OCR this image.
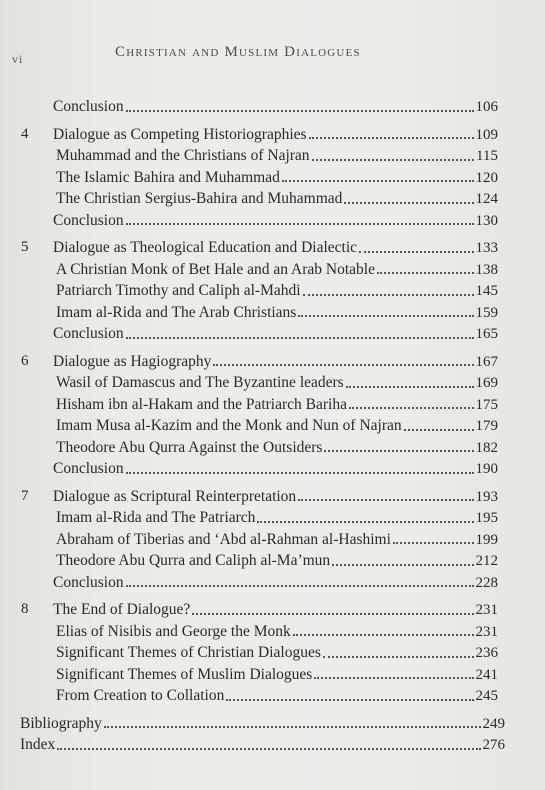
vi	Christian and Muslim Dialogues
Conclusion	106
4 Dialogue as Competing Historiographies	109
Muhammad and the Christians of Najran	115
The Islamic Bahira and Muhammad	120
The Christian Sergius-Bahira and Muhammad	124
Conclusion	130
5 Dialogue as Theological Education and Dialectic	133
A Christian Monk of Bet Hale and an Arab Notable	138
Patriarch Timothy and Caliph al-Mahdi	145
Imam al-Rida and The Arab Christians	159
Conclusion	165
6 Dialogue as Hagiography	167
Wasil of Damascus and The Byzantine leaders	169
Hisham ibn al-Hakam and the Patriarch Bariha	175
Imam Musa al-Kazim and the Monk and Nun of Najran	179
Theodore Abu Qurra Against the Outsiders	182
Conclusion	190
7 Dialogue as Scriptural Reinterpretation	193
Imam al-Rida and The Patriarch	195
Abraham of Tiberias and ‘Abd al-Rahman al-Hashimi	199
Theodore Abu Qurra and Caliph al-Ma’mun	212
Conclusion	228
8 The End of Dialogue?	231
Elias of Nisibis and George the Monk	231
Significant Themes of Christian Dialogues	236
Significant Themes of Muslim Dialogues	241
From Creation to Collation	245
Bibliography	249
Index	276
